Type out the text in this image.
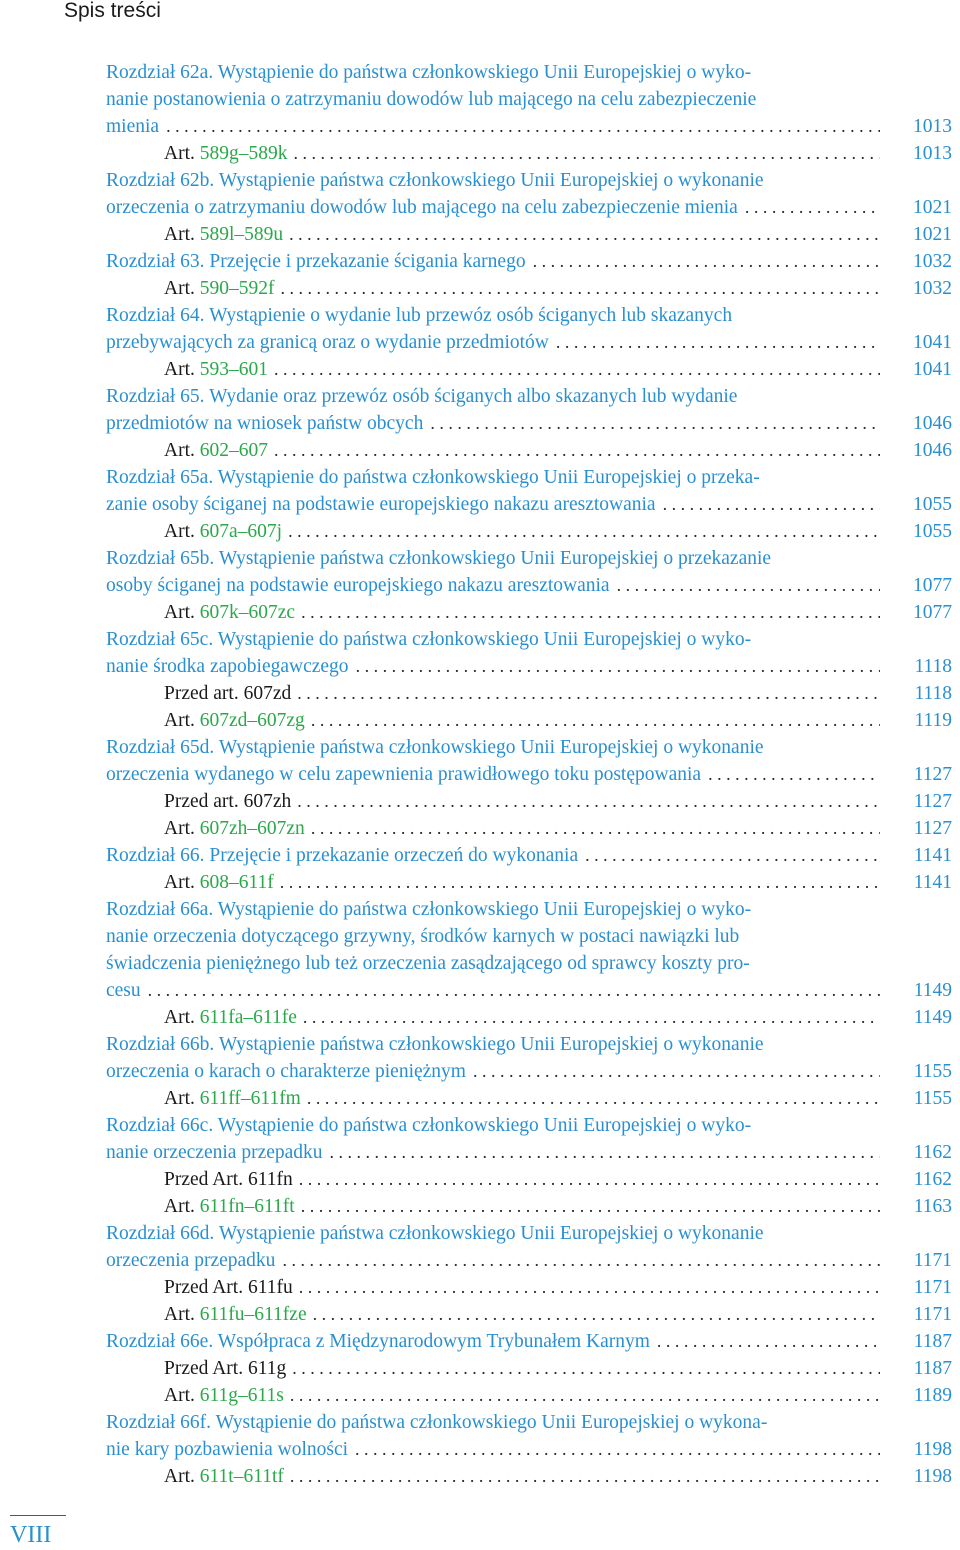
Spis treści
Rozdział 62a. Wystąpienie do państwa członkowskiego Unii Europejskiej o wyko-
nanie postanowienia o zatrzymaniu dowodów lub mającego na celu zabezpieczenie
mienia . . .	1013
Art. 589g–589k . . .	1013
Rozdział 62b. Wystąpienie państwa członkowskiego Unii Europejskiej o wykonanie
orzeczenia o zatrzymaniu dowodów lub mającego na celu zabezpieczenie mienia . . .	1021
Art. 589l–589u . . .	1021
Rozdział 63. Przejęcie i przekazanie ścigania karnego . . .	1032
Art. 590–592f . . .	1032
Rozdział 64. Wystąpienie o wydanie lub przewóz osób ściganych lub skazanych
przebywających za granicą oraz o wydanie przedmiotów . . .	1041
Art. 593–601 . . .	1041
Rozdział 65. Wydanie oraz przewóz osób ściganych albo skazanych lub wydanie
przedmiotów na wniosek państw obcych . . .	1046
Art. 602–607 . . .	1046
Rozdział 65a. Wystąpienie do państwa członkowskiego Unii Europejskiej o przeka-
zanie osoby ściganej na podstawie europejskiego nakazu aresztowania . . .	1055
Art. 607a–607j . . .	1055
Rozdział 65b. Wystąpienie państwa członkowskiego Unii Europejskiej o przekazanie
osoby ściganej na podstawie europejskiego nakazu aresztowania . . .	1077
Art. 607k–607zc . . .	1077
Rozdział 65c. Wystąpienie do państwa członkowskiego Unii Europejskiej o wyko-
nanie środka zapobiegawczego . . .	1118
Przed art. 607zd . . .	1118
Art. 607zd–607zg . . .	1119
Rozdział 65d. Wystąpienie państwa członkowskiego Unii Europejskiej o wykonanie
orzeczenia wydanego w celu zapewnienia prawidłowego toku postępowania . . .	1127
Przed art. 607zh . . .	1127
Art. 607zh–607zn . . .	1127
Rozdział 66. Przejęcie i przekazanie orzeczeń do wykonania . . .	1141
Art. 608–611f . . .	1141
Rozdział 66a. Wystąpienie do państwa członkowskiego Unii Europejskiej o wyko-
nanie orzeczenia dotyczącego grzywny, środków karnych w postaci nawiązki lub
świadczenia pieniężnego lub też orzeczenia zasądzającego od sprawcy koszty pro-
cesu . . .	1149
Art. 611fa–611fe . . .	1149
Rozdział 66b. Wystąpienie państwa członkowskiego Unii Europejskiej o wykonanie
orzeczenia o karach o charakterze pieniężnym . . .	1155
Art. 611ff–611fm . . .	1155
Rozdział 66c. Wystąpienie do państwa członkowskiego Unii Europejskiej o wyko-
nanie orzeczenia przepadku . . .	1162
Przed Art. 611fn . . .	1162
Art. 611fn–611ft . . .	1163
Rozdział 66d. Wystąpienie państwa członkowskiego Unii Europejskiej o wykonanie
orzeczenia przepadku . . .	1171
Przed Art. 611fu . . .	1171
Art. 611fu–611fze . . .	1171
Rozdział 66e. Współpraca z Międzynarodowym Trybunałem Karnym . . .	1187
Przed Art. 611g . . .	1187
Art. 611g–611s . . .	1189
Rozdział 66f. Wystąpienie do państwa członkowskiego Unii Europejskiej o wykona-
nie kary pozbawienia wolności . . .	1198
Art. 611t–611tf . . .	1198
VIII
